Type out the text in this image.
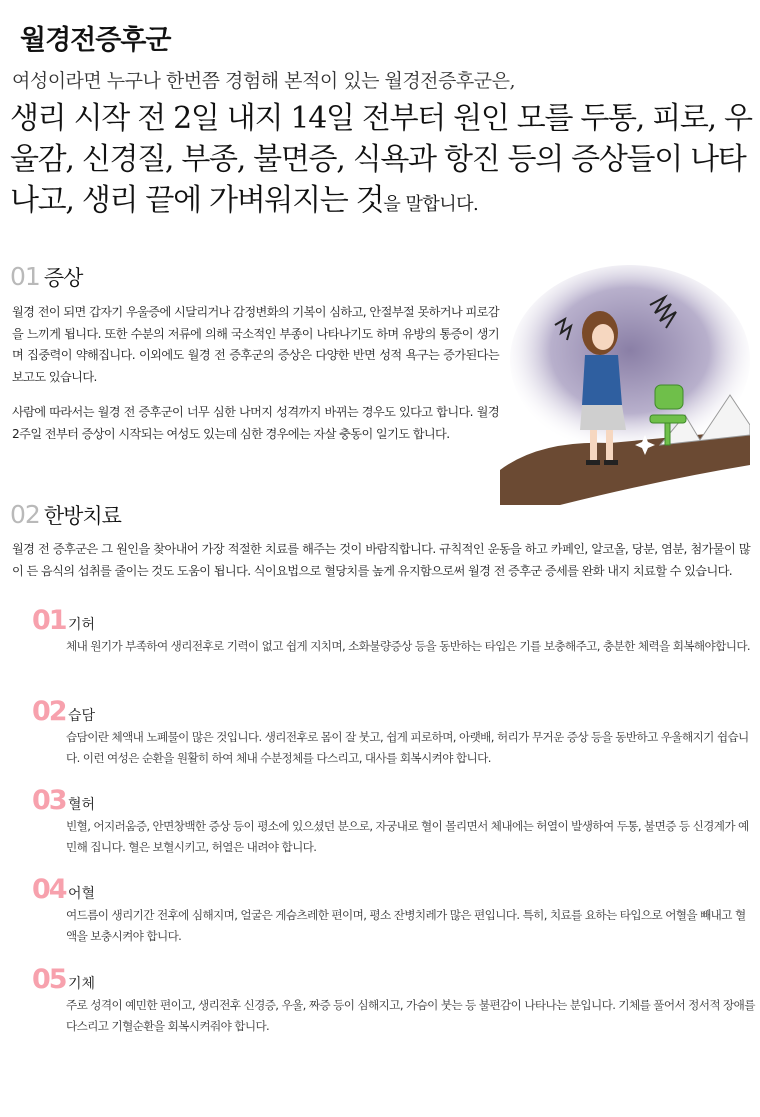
월경전증후군
여성이라면 누구나 한번쯤 경험해 본적이 있는 월경전증후군은,
생리 시작 전 2일 내지 14일 전부터 원인 모를 두통, 피로, 우울감, 신경질, 부종, 불면증, 식욕과 항진 등의 증상들이 나타나고, 생리 끝에 가벼워지는 것을 말합니다.
01 증상
월경 전이 되면 갑자기 우울증에 시달리거나 감정변화의 기복이 심하고, 안절부절 못하거나 피로감을 느끼게 됩니다. 또한 수분의 저류에 의해 국소적인 부종이 나타나기도 하며 유방의 통증이 생기며 집중력이 약해집니다. 이외에도 월경 전 증후군의 증상은 다양한 반면 성적 욕구는 증가된다는 보고도 있습니다.
사람에 따라서는 월경 전 증후군이 너무 심한 나머지 성격까지 바뀌는 경우도 있다고 합니다. 월경 2주일 전부터 증상이 시작되는 여성도 있는데 심한 경우에는 자살 충동이 일기도 합니다.
02 한방치료
월경 전 증후군은 그 원인을 찾아내어 가장 적절한 치료를 해주는 것이 바람직합니다. 규칙적인 운동을 하고 카페인, 알코올, 당분, 염분, 첨가물이 많이 든 음식의 섭취를 줄이는 것도 도움이 됩니다. 식이요법으로 혈당치를 높게 유지함으로써 월경 전 증후군 증세를 완화 내지 치료할 수 있습니다.
01 기허
체내 원기가 부족하여 생리전후로 기력이 없고 쉽게 지치며, 소화불량증상 등을 동반하는 타입은 기를 보충해주고, 충분한 체력을 회복해야합니다.
02 습담
습담이란 체액내 노폐물이 많은 것입니다. 생리전후로 몸이 잘 붓고, 쉽게 피로하며, 아랫배, 허리가 무거운 증상 등을 동반하고 우울해지기 쉽습니다. 이런 여성은 순환을 원활히 하여 체내 수분정체를 다스리고, 대사를 회복시켜야 합니다.
03 혈허
빈혈, 어지러움증, 안면창백한 증상 등이 평소에 있으셨던 분으로, 자궁내로 혈이 몰리면서 체내에는 허열이 발생하여 두통, 불면증 등 신경계가 예민해 집니다. 혈은 보혈시키고, 허열은 내려야 합니다.
04 어혈
여드름이 생리기간 전후에 심해지며, 얼굴은 게슴츠레한 편이며, 평소 잔병치레가 많은 편입니다. 특히, 치료를 요하는 타입으로 어혈을 빼내고 혈액을 보충시켜야 합니다.
05 기체
주로 성격이 예민한 편이고, 생리전후 신경증, 우울, 짜증 등이 심해지고, 가슴이 붓는 등 불편감이 나타나는 분입니다. 기체를 풀어서 정서적 장애를 다스리고 기혈순환을 회복시켜줘야 합니다.
